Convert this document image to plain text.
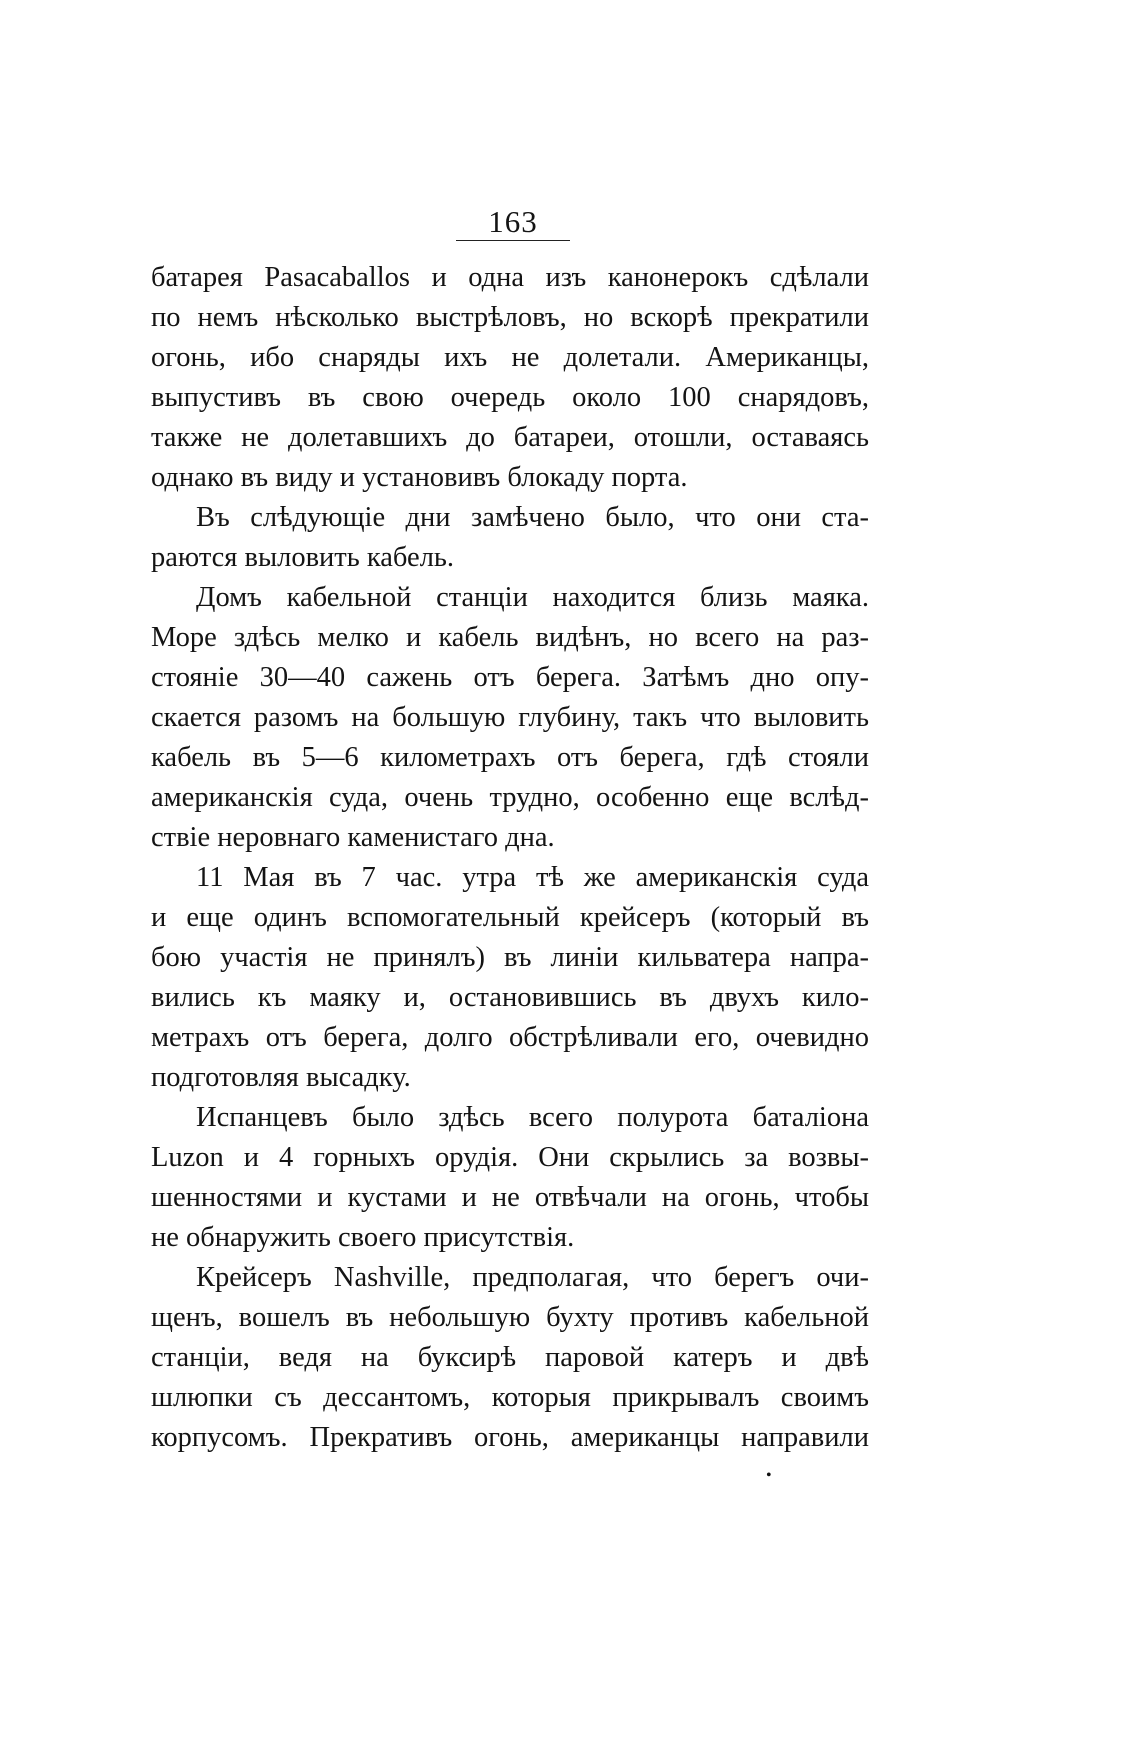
163
батарея Pasacaballos и одна изъ канонерокъ сдѣлали
по немъ нѣсколько выстрѣловъ, но вскорѣ прекратили
огонь, ибо снаряды ихъ не долетали. Американцы,
выпустивъ въ свою очередь около 100 снарядовъ,
также не долетавшихъ до батареи, отошли, оставаясь
однако въ виду и установивъ блокаду порта.
Въ слѣдующіе дни замѣчено было, что они ста-
раются выловить кабель.
Домъ кабельной станціи находится близь маяка.
Море здѣсь мелко и кабель видѣнъ, но всего на раз-
стояніе 30—40 сажень отъ берега. Затѣмъ дно опу-
скается разомъ на большую глубину, такъ что выловить
кабель въ 5—6 километрахъ отъ берега, гдѣ стояли
американскія суда, очень трудно, особенно еще вслѣд-
ствіе неровнаго каменистаго дна.
11 Мая въ 7 час. утра тѣ же американскія суда
и еще одинъ вспомогательный крейсеръ (который въ
бою участія не принялъ) въ линіи кильватера напра-
вились къ маяку и, остановившись въ двухъ кило-
метрахъ отъ берега, долго обстрѣливали его, очевидно
подготовляя высадку.
Испанцевъ было здѣсь всего полурота баталіона
Luzon и 4 горныхъ орудія. Они скрылись за возвы-
шенностями и кустами и не отвѣчали на огонь, чтобы
не обнаружить своего присутствія.
Крейсеръ Nashville, предполагая, что берегъ очи-
щенъ, вошелъ въ небольшую бухту противъ кабельной
станціи, ведя на буксирѣ паровой катеръ и двѣ
шлюпки съ дессантомъ, которыя прикрывалъ своимъ
корпусомъ. Прекративъ огонь, американцы направили
•
